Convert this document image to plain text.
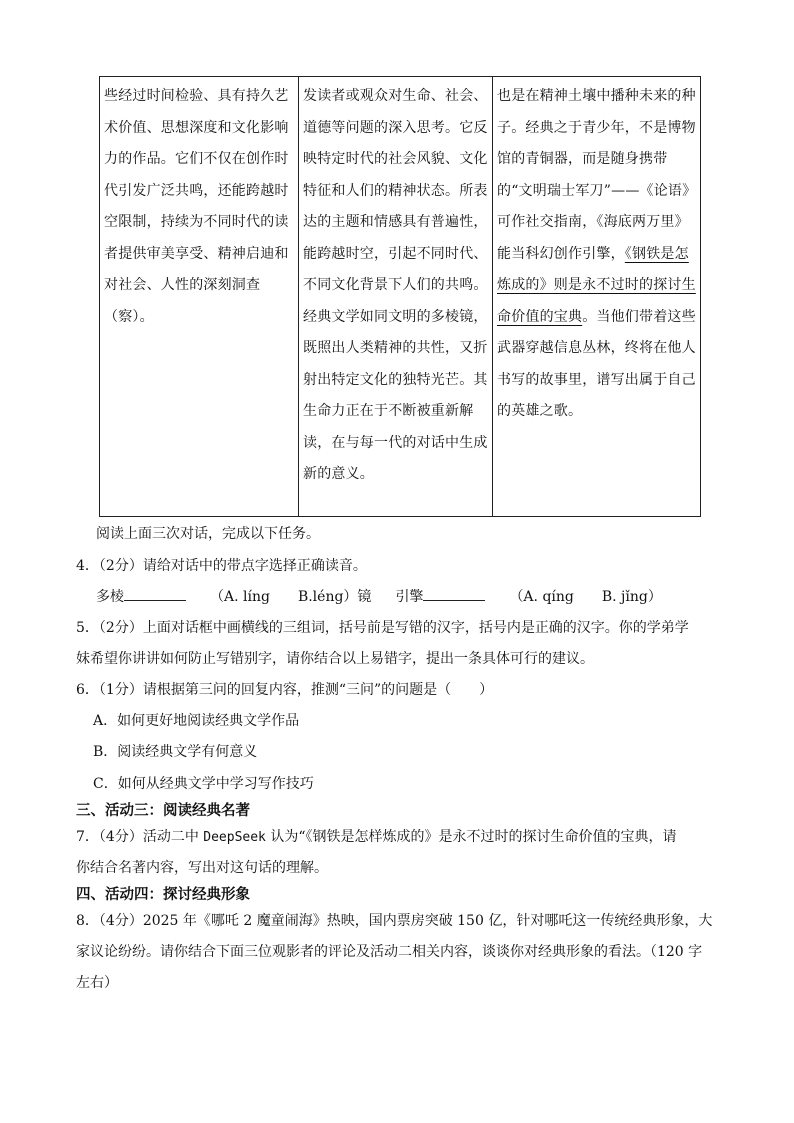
些经过时间检验、具有持久艺术价值、思想深度和文化影响力的作品。它们不仅在创作时代引发广泛共鸣，还能跨越时空限制，持续为不同时代的读者提供审美享受、精神启迪和对社会、人性的深刻洞查（察）。	发读者或观众对生命、社会、道德等问题的深入思考。它反映特定时代的社会风貌、文化特征和人们的精神状态。所表达的主题和情感具有普遍性，能跨越时空，引起不同时代、不同文化背景下人们的共鸣。经典文学如同文明的多棱镜，既照出人类精神的共性，又折射出特定文化的独特光芒。其生命力正在于不断被重新解读，在与每一代的对话中生成新的意义。	也是在精神土壤中播种未来的种子。经典之于青少年，不是博物馆的青铜器，而是随身携带的“文明瑞士军刀”——《论语》可作社交指南，《海底两万里》能当科幻创作引擎，《钢铁是怎炼成的》则是永不过时的探讨生命价值的宝典。当他们带着这些武器穿越信息丛林，终将在他人书写的故事里，谱写出属于自己的英雄之歌。
阅读上面三次对话，完成以下任务。
4．（2分）请给对话中的带点字选择正确读音。
多棱	（A. líng　　B.léng）镜 引擎	（A. qíng　　B. jǐng）
5．（2分）上面对话框中画横线的三组词，括号前是写错的汉字，括号内是正确的汉字。你的学弟学
妹希望你讲讲如何防止写错别字，请你结合以上易错字，提出一条具体可行的建议。
6．（1分）请根据第三问的回复内容，推测“三问”的问题是（　　）
A．如何更好地阅读经典文学作品
B．阅读经典文学有何意义
C．如何从经典文学中学习写作技巧
三、活动三：阅读经典名著
7．（4分）活动二中 DeepSeek 认为“《钢铁是怎样炼成的》是永不过时的探讨生命价值的宝典，请
你结合名著内容，写出对这句话的理解。
四、活动四：探讨经典形象
8．（4分）2025 年《哪吒 2 魔童闹海》热映，国内票房突破 150 亿，针对哪吒这一传统经典形象，大
家议论纷纷。请你结合下面三位观影者的评论及活动二相关内容，谈谈你对经典形象的看法。（120 字
左右）
